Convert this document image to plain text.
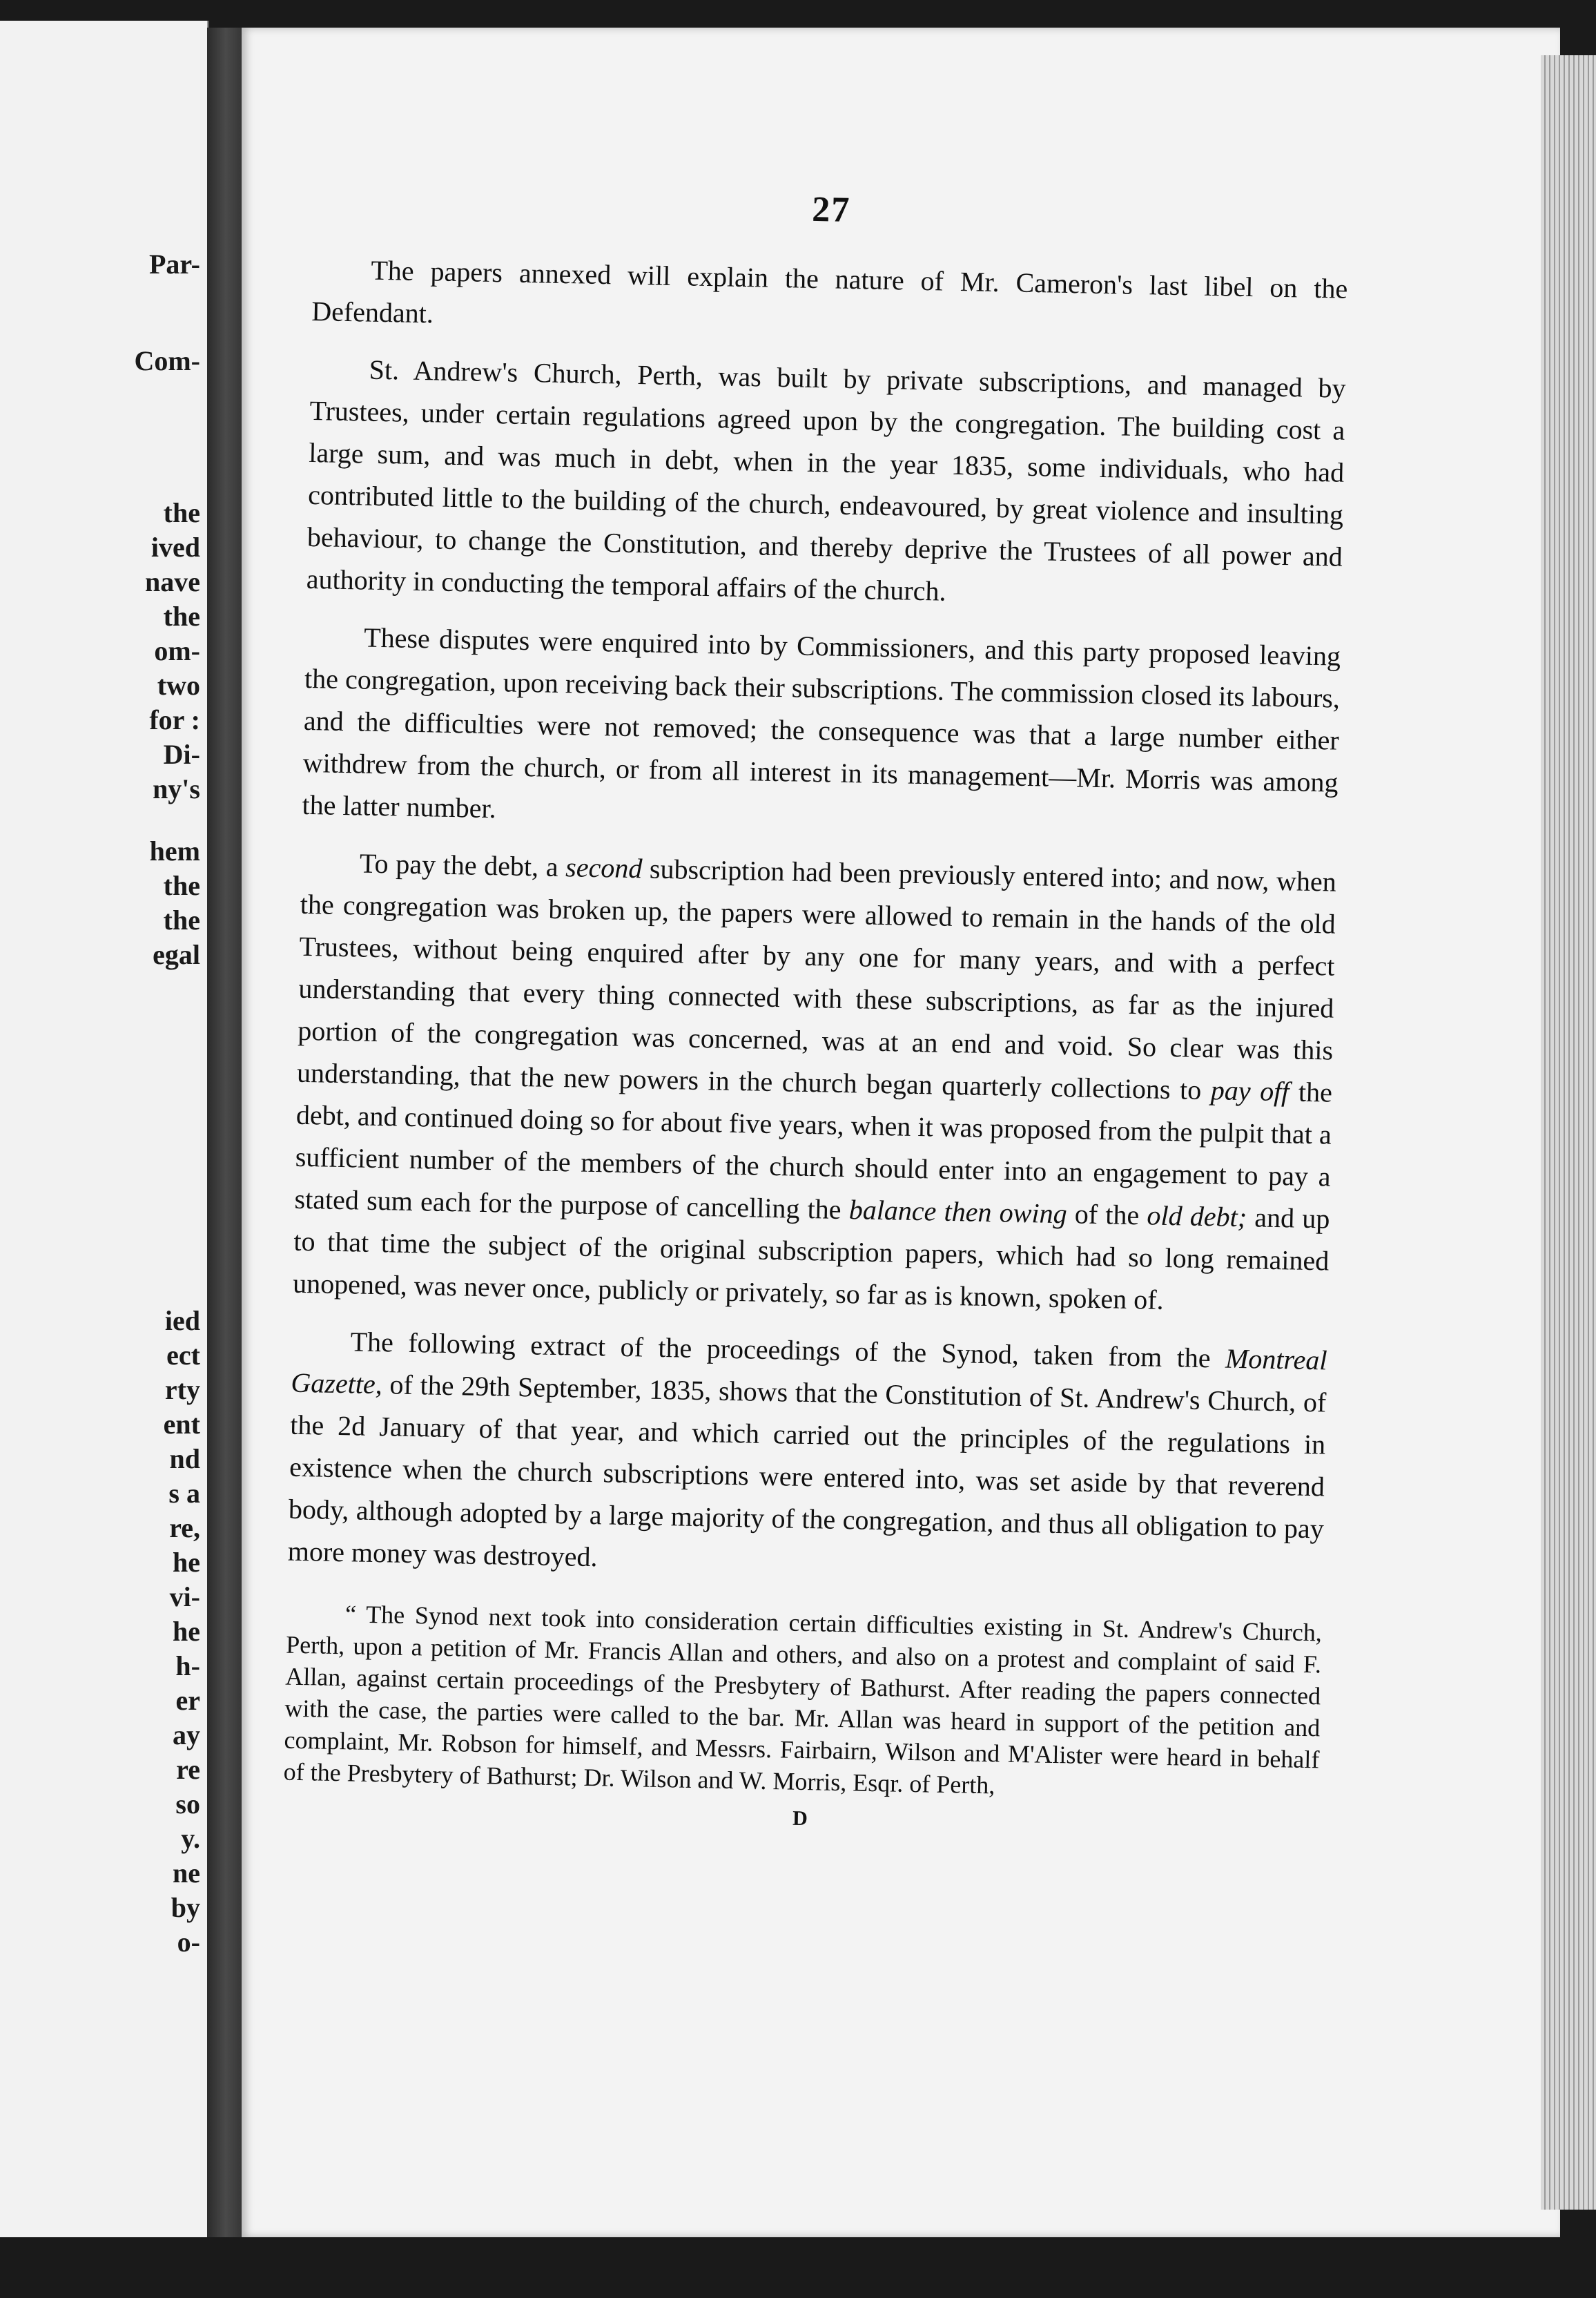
Par-
Com-
the
ived
nave
the
om-
two
for :
Di-
ny's
hem
the
the
egal
ied
ect
rty
ent
nd
s a
re,
he
vi-
he
h-
er
ay
re
so
y.
ne
by
o-
27

The papers annexed will explain the nature of Mr. Cameron's last libel on the Defendant.

St. Andrew's Church, Perth, was built by private subscriptions, and managed by Trustees, under certain regulations agreed upon by the congregation. The building cost a large sum, and was much in debt, when in the year 1835, some individuals, who had contributed little to the building of the church, endeavoured, by great violence and insulting behaviour, to change the Constitution, and thereby deprive the Trustees of all power and authority in conducting the temporal affairs of the church.

These disputes were enquired into by Commissioners, and this party proposed leaving the congregation, upon receiving back their subscriptions. The commission closed its labours, and the difficulties were not removed; the consequence was that a large number either withdrew from the church, or from all interest in its management—Mr. Morris was among the latter number.

To pay the debt, a second subscription had been previously entered into; and now, when the congregation was broken up, the papers were allowed to remain in the hands of the old Trustees, without being enquired after by any one for many years, and with a perfect understanding that every thing connected with these subscriptions, as far as the injured portion of the congregation was concerned, was at an end and void. So clear was this understanding, that the new powers in the church began quarterly collections to pay off the debt, and continued doing so for about five years, when it was proposed from the pulpit that a sufficient number of the members of the church should enter into an engagement to pay a stated sum each for the purpose of cancelling the balance then owing of the old debt; and up to that time the subject of the original subscription papers, which had so long remained unopened, was never once, publicly or privately, so far as is known, spoken of.

The following extract of the proceedings of the Synod, taken from the Montreal Gazette, of the 29th September, 1835, shows that the Constitution of St. Andrew's Church, of the 2d January of that year, and which carried out the principles of the regulations in existence when the church subscriptions were entered into, was set aside by that reverend body, although adopted by a large majority of the congregation, and thus all obligation to pay more money was destroyed.

“ The Synod next took into consideration certain difficulties existing in St. Andrew's Church, Perth, upon a petition of Mr. Francis Allan and others, and also on a protest and complaint of said F. Allan, against certain proceedings of the Presbytery of Bathurst. After reading the papers connected with the case, the parties were called to the bar. Mr. Allan was heard in support of the petition and complaint, Mr. Robson for himself, and Messrs. Fairbairn, Wilson and M'Alister were heard in behalf of the Presbytery of Bathurst; Dr. Wilson and W. Morris, Esqr. of Perth,

D
